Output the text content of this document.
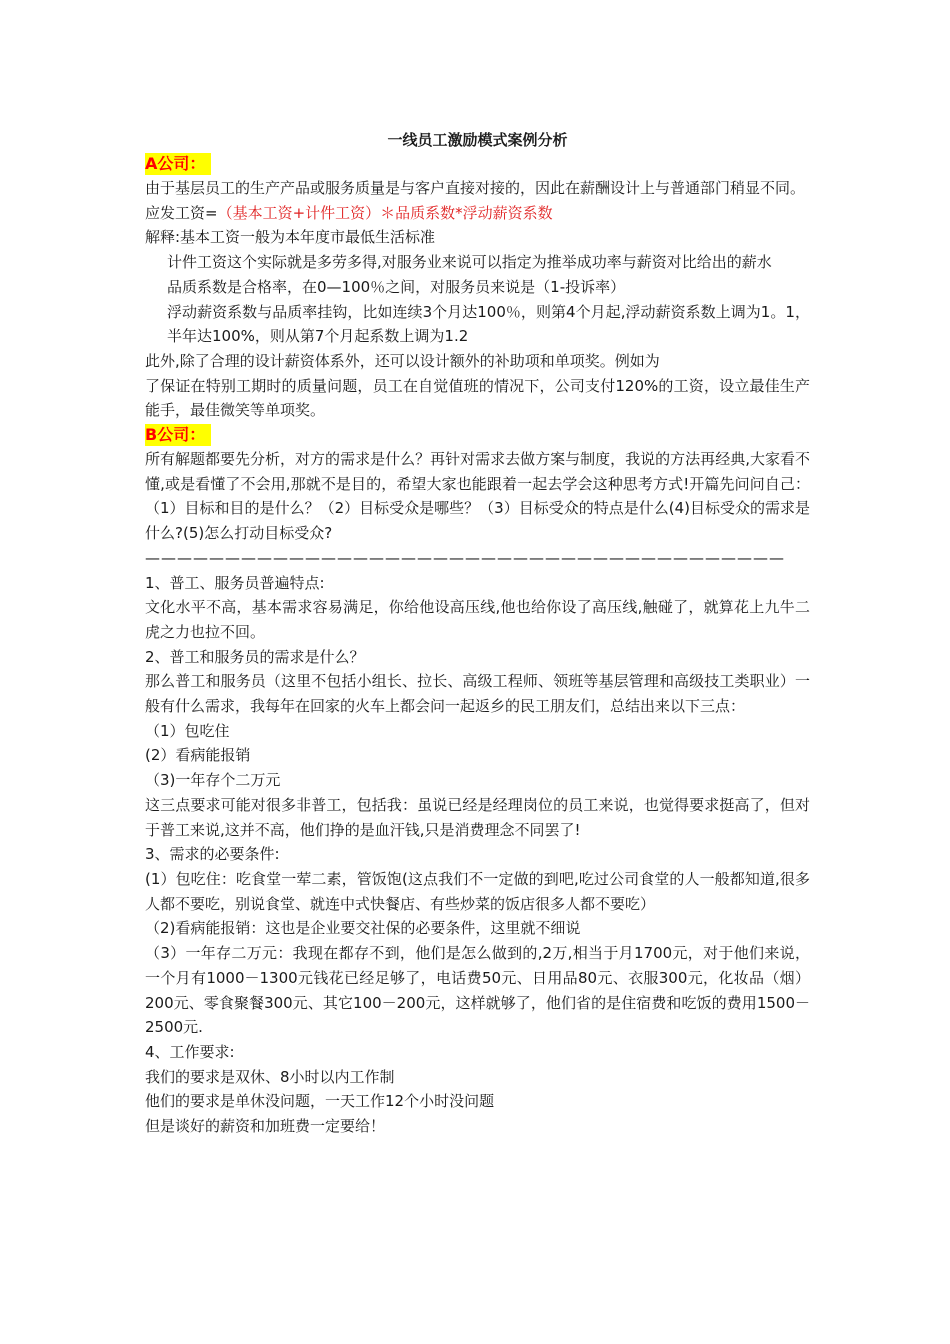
一线员工激励模式案例分析
A公司：

由于基层员工的生产产品或服务质量是与客户直接对接的，因此在薪酬设计上与普通部门稍显不同。

应发工资=（基本工资+计件工资）＊品质系数*浮动薪资系数

解释:基本工资一般为本年度市最低生活标准

计件工资这个实际就是多劳多得,对服务业来说可以指定为推举成功率与薪资对比给出的薪水

品质系数是合格率，在0—100％之间，对服务员来说是（1-投诉率）

浮动薪资系数与品质率挂钩，比如连续3个月达100％，则第4个月起,浮动薪资系数上调为1。1，半年达100%，则从第7个月起系数上调为1.2

此外,除了合理的设计薪资体系外，还可以设计额外的补助项和单项奖。例如为

了保证在特别工期时的质量问题，员工在自觉值班的情况下，公司支付120%的工资，设立最佳生产能手，最佳微笑等单项奖。

B公司：

所有解题都要先分析，对方的需求是什么？再针对需求去做方案与制度，我说的方法再经典,大家看不懂,或是看懂了不会用,那就不是目的，希望大家也能跟着一起去学会这种思考方式!开篇先问问自己：（1）目标和目的是什么？（2）目标受众是哪些？（3）目标受众的特点是什么(4)目标受众的需求是什么?(5)怎么打动目标受众?

————————————————————————————————————————

1、普工、服务员普遍特点:

文化水平不高，基本需求容易满足，你给他设高压线,他也给你设了高压线,触碰了，就算花上九牛二虎之力也拉不回。

2、普工和服务员的需求是什么？

那么普工和服务员（这里不包括小组长、拉长、高级工程师、领班等基层管理和高级技工类职业）一般有什么需求，我每年在回家的火车上都会问一起返乡的民工朋友们，总结出来以下三点：

（1）包吃住

(2）看病能报销

（3)一年存个二万元

这三点要求可能对很多非普工，包括我：虽说已经是经理岗位的员工来说，也觉得要求挺高了，但对于普工来说,这并不高，他们挣的是血汗钱,只是消费理念不同罢了!

3、需求的必要条件:

(1）包吃住：吃食堂一荤二素，管饭饱(这点我们不一定做的到吧,吃过公司食堂的人一般都知道,很多人都不要吃，别说食堂、就连中式快餐店、有些炒菜的饭店很多人都不要吃）

（2)看病能报销：这也是企业要交社保的必要条件，这里就不细说

（3）一年存二万元：我现在都存不到，他们是怎么做到的,2万,相当于月1700元，对于他们来说，一个月有1000－1300元钱花已经足够了，电话费50元、日用品80元、衣服300元，化妆品（烟）200元、零食聚餐300元、其它100－200元，这样就够了，他们省的是住宿费和吃饭的费用1500－2500元.

4、工作要求:

我们的要求是双休、8小时以内工作制

他们的要求是单休没问题，一天工作12个小时没问题

但是谈好的薪资和加班费一定要给！
